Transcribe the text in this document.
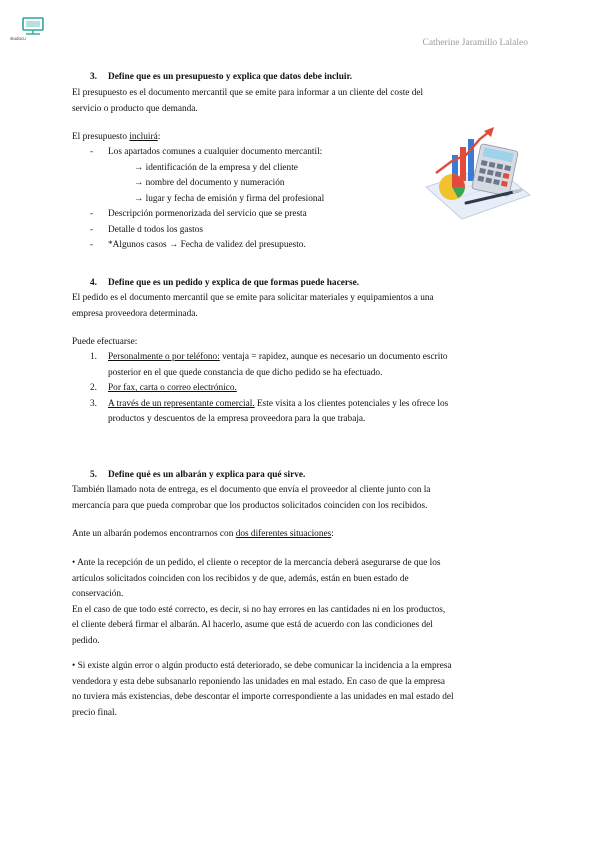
studocu	Catherine Jaramillo Lalaleo
3. Define que es un presupuesto y explica que datos debe incluir.

El presupuesto es el documento mercantil que se emite para informar a un cliente del coste del

servicio o producto que demanda.

El presupuesto incluirá:
- Los apartados comunes a cualquier documento mercantil:
→ identificación de la empresa y del cliente
→ nombre del documento y numeración
→ lugar y fecha de emisión y firma del profesional
- Descripción pormenorizada del servicio que se presta
- Detalle d todos los gastos
- *Algunos casos → Fecha de validez del presupuesto.
4. Define que es un pedido y explica de que formas puede hacerse.

El pedido es el documento mercantil que se emite para solicitar materiales y equipamientos a una

empresa proveedora determinada.

Puede efectuarse:
1. Personalmente o por teléfono: ventaja = rapidez, aunque es necesario un documento escrito
posterior en el que quede constancia de que dicho pedido se ha efectuado.
2. Por fax, carta o correo electrónico.
3. A través de un representante comercial. Este visita a los clientes potenciales y les ofrece los
productos y descuentos de la empresa proveedora para la que trabaja.
5. Define qué es un albarán y explica para qué sirve.

También llamado nota de entrega, es el documento que envía el proveedor al cliente junto con la

mercancía para que pueda comprobar que los productos solicitados coinciden con los recibidos.

Ante un albarán podemos encontrarnos con dos diferentes situaciones:

• Ante la recepción de un pedido, el cliente o receptor de la mercancía deberá asegurarse de que los

artículos solicitados coinciden con los recibidos y de que, además, están en buen estado de

conservación.

En el caso de que todo esté correcto, es decir, si no hay errores en las cantidades ni en los productos,

el cliente deberá firmar el albarán. Al hacerlo, asume que está de acuerdo con las condiciones del

pedido.

• Si existe algún error o algún producto está deteriorado, se debe comunicar la incidencia a la empresa

vendedora y esta debe subsanarlo reponiendo las unidades en mal estado. En caso de que la empresa

no tuviera más existencias, debe descontar el importe correspondiente a las unidades en mal estado del

precio final.
